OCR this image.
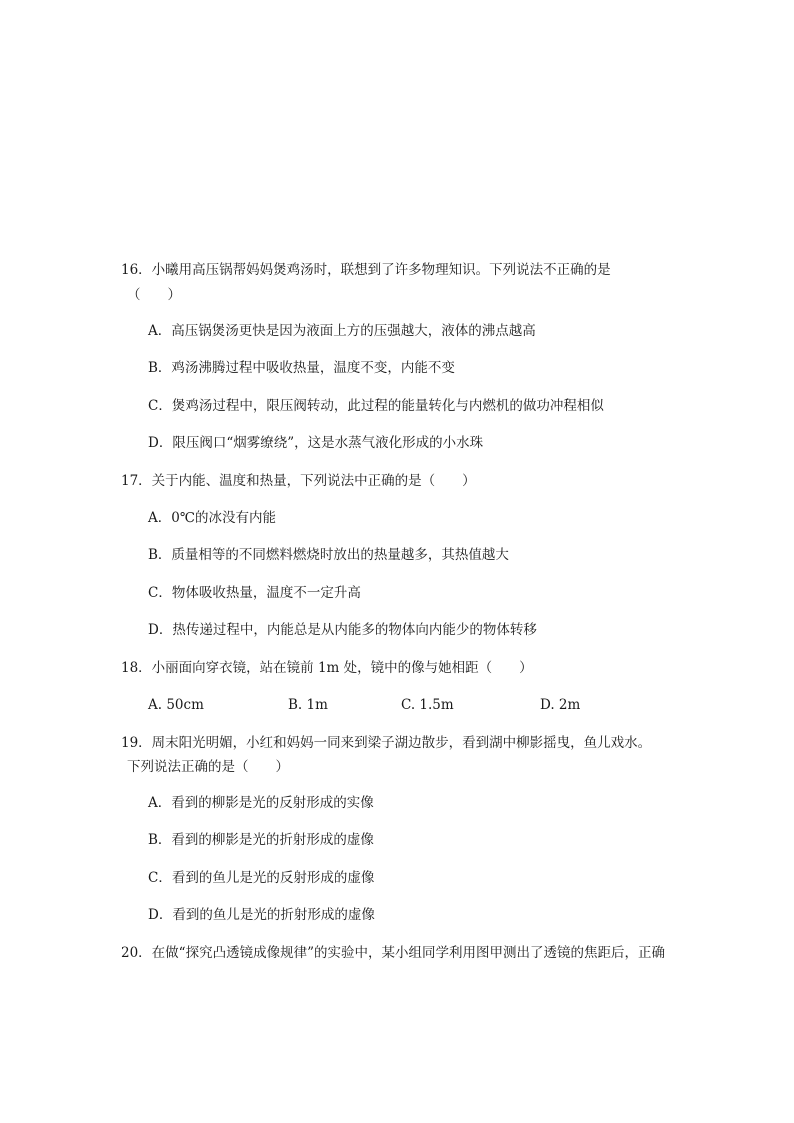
16．小曦用高压锅帮妈妈煲鸡汤时，联想到了许多物理知识。下列说法不正确的是
（　　）
A．高压锅煲汤更快是因为液面上方的压强越大，液体的沸点越高
B．鸡汤沸腾过程中吸收热量，温度不变，内能不变
C．煲鸡汤过程中，限压阀转动，此过程的能量转化与内燃机的做功冲程相似
D．限压阀口“烟雾缭绕”，这是水蒸气液化形成的小水珠
17．关于内能、温度和热量，下列说法中正确的是（　　）
A．0℃的冰没有内能
B．质量相等的不同燃料燃烧时放出的热量越多，其热值越大
C．物体吸收热量，温度不一定升高
D．热传递过程中，内能总是从内能多的物体向内能少的物体转移
18．小丽面向穿衣镜，站在镜前 1m 处，镜中的像与她相距（　　）
A. 50cm	B. 1m	C. 1.5m	D. 2m
19．周末阳光明媚，小红和妈妈一同来到梁子湖边散步，看到湖中柳影摇曳，鱼儿戏水。
下列说法正确的是（　　）
A．看到的柳影是光的反射形成的实像
B．看到的柳影是光的折射形成的虚像
C．看到的鱼儿是光的反射形成的虚像
D．看到的鱼儿是光的折射形成的虚像
20．在做“探究凸透镜成像规律”的实验中，某小组同学利用图甲测出了透镜的焦距后，正确
